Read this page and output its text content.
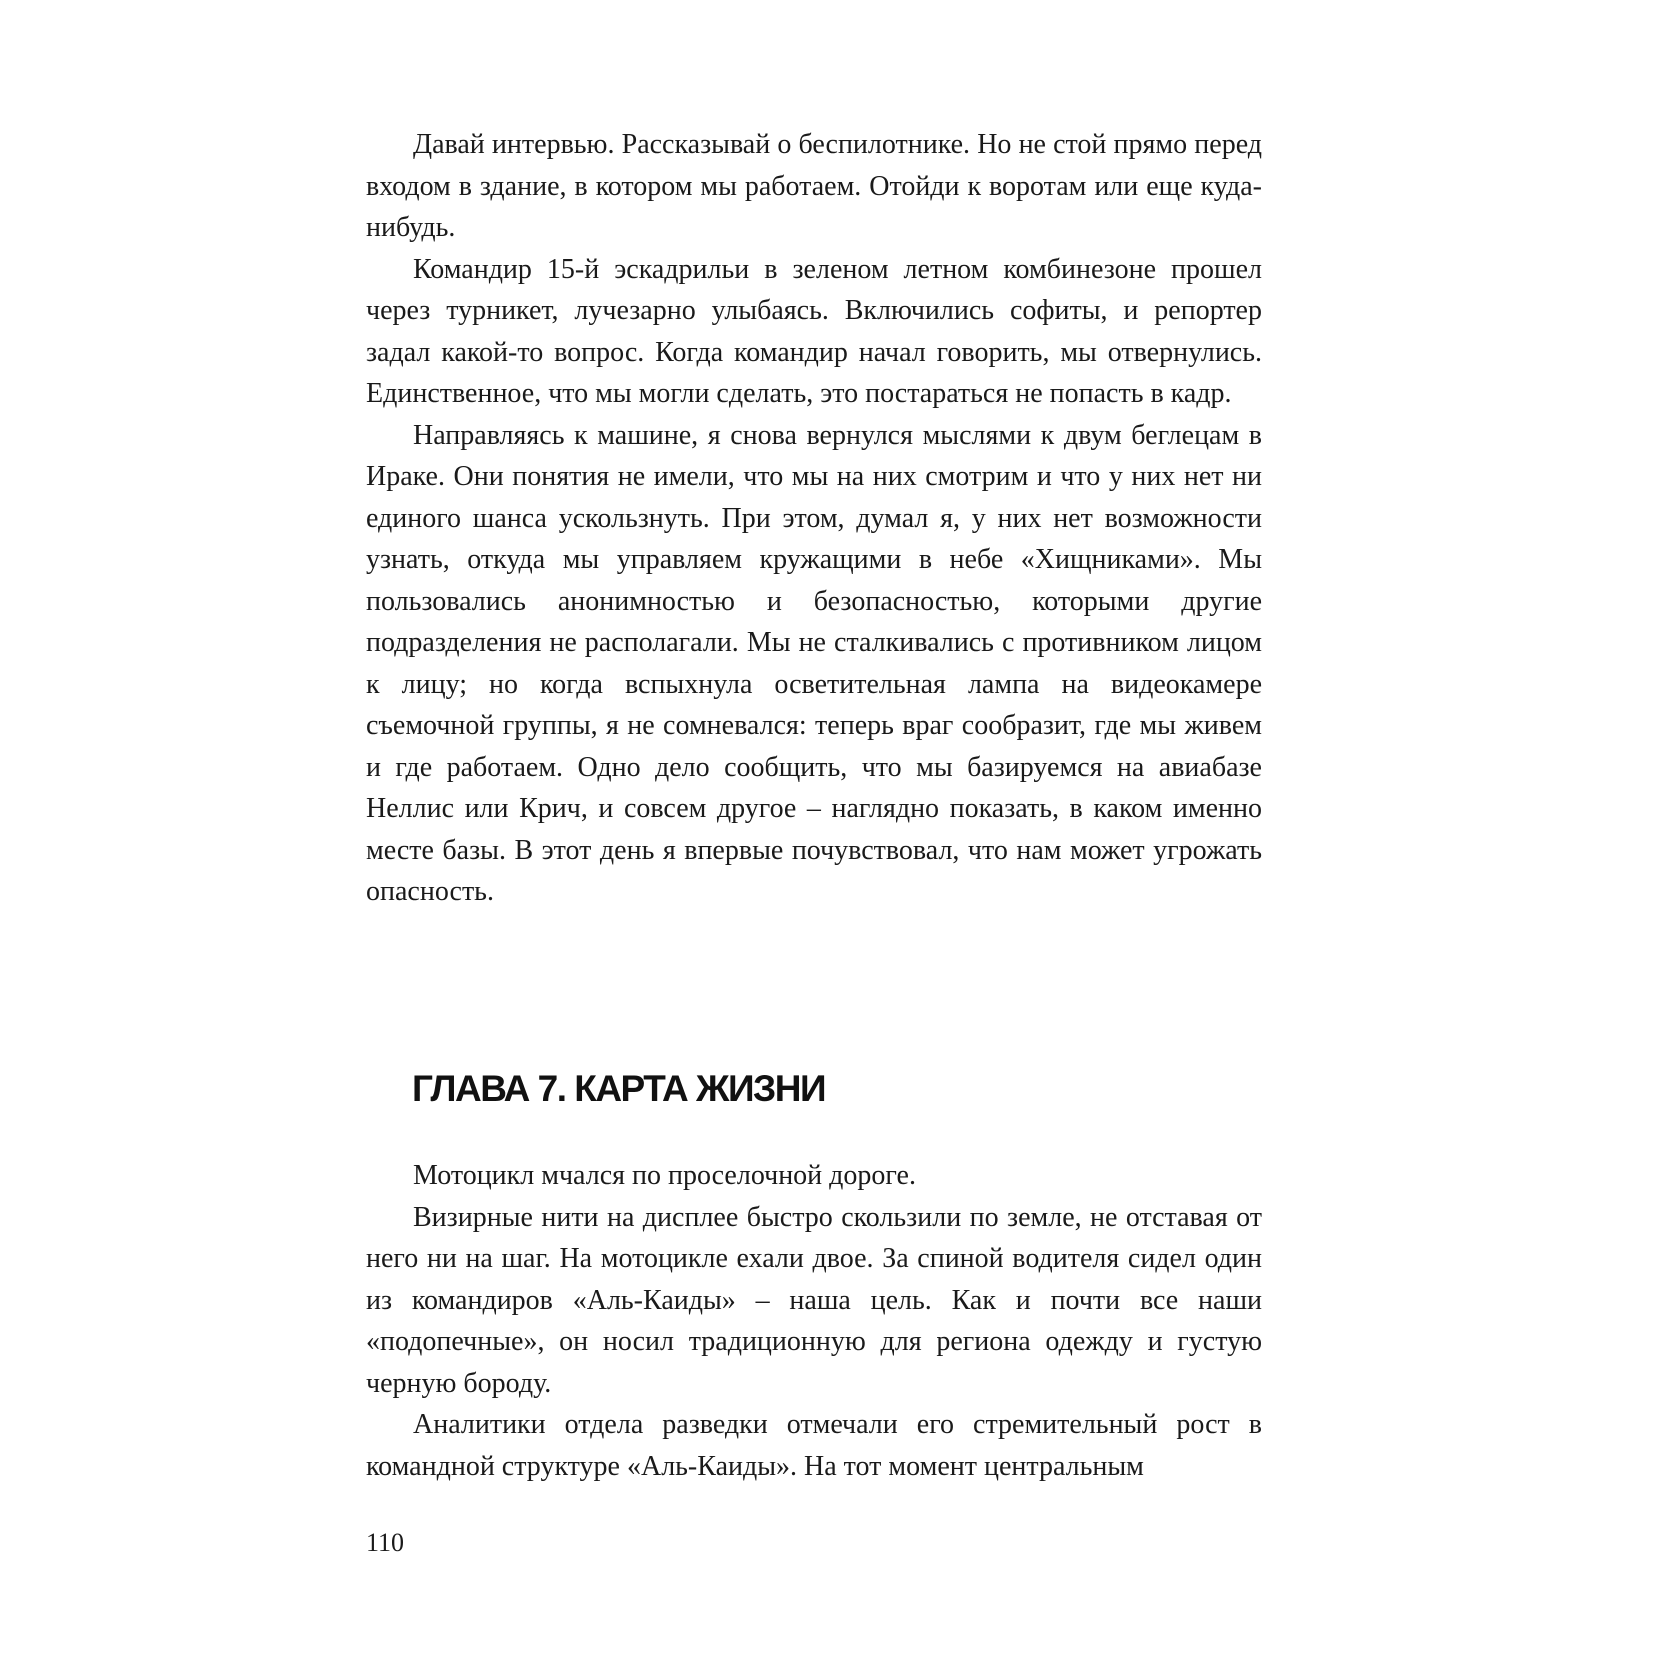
Давай интервью. Рассказывай о беспилотнике. Но не стой прямо перед входом в здание, в котором мы работаем. Отойди к воротам или еще куда-нибудь.

Командир 15-й эскадрильи в зеленом летном комбинезоне прошел через турникет, лучезарно улыбаясь. Включились софиты, и репортер задал какой-то вопрос. Когда командир начал говорить, мы отвернулись. Единственное, что мы могли сделать, это постараться не попасть в кадр.

Направляясь к машине, я снова вернулся мыслями к двум беглецам в Ираке. Они понятия не имели, что мы на них смотрим и что у них нет ни единого шанса ускользнуть. При этом, думал я, у них нет возможности узнать, откуда мы управляем кружащими в небе «Хищниками». Мы пользовались анонимностью и безопасностью, которыми другие подразделения не располагали. Мы не сталкивались с противником лицом к лицу; но когда вспыхнула осветительная лампа на видеокамере съемочной группы, я не сомневался: теперь враг сообразит, где мы живем и где работаем. Одно дело сообщить, что мы базируемся на авиабазе Неллис или Крич, и совсем другое – наглядно показать, в каком именно месте базы. В этот день я впервые почувствовал, что нам может угрожать опасность.

ГЛАВА 7. КАРТА ЖИЗНИ

Мотоцикл мчался по проселочной дороге.

Визирные нити на дисплее быстро скользили по земле, не отставая от него ни на шаг. На мотоцикле ехали двое. За спиной водителя сидел один из командиров «Аль-Каиды» – наша цель. Как и почти все наши «подопечные», он носил традиционную для региона одежду и густую черную бороду.

Аналитики отдела разведки отмечали его стремительный рост в командной структуре «Аль-Каиды». На тот момент центральным

110
